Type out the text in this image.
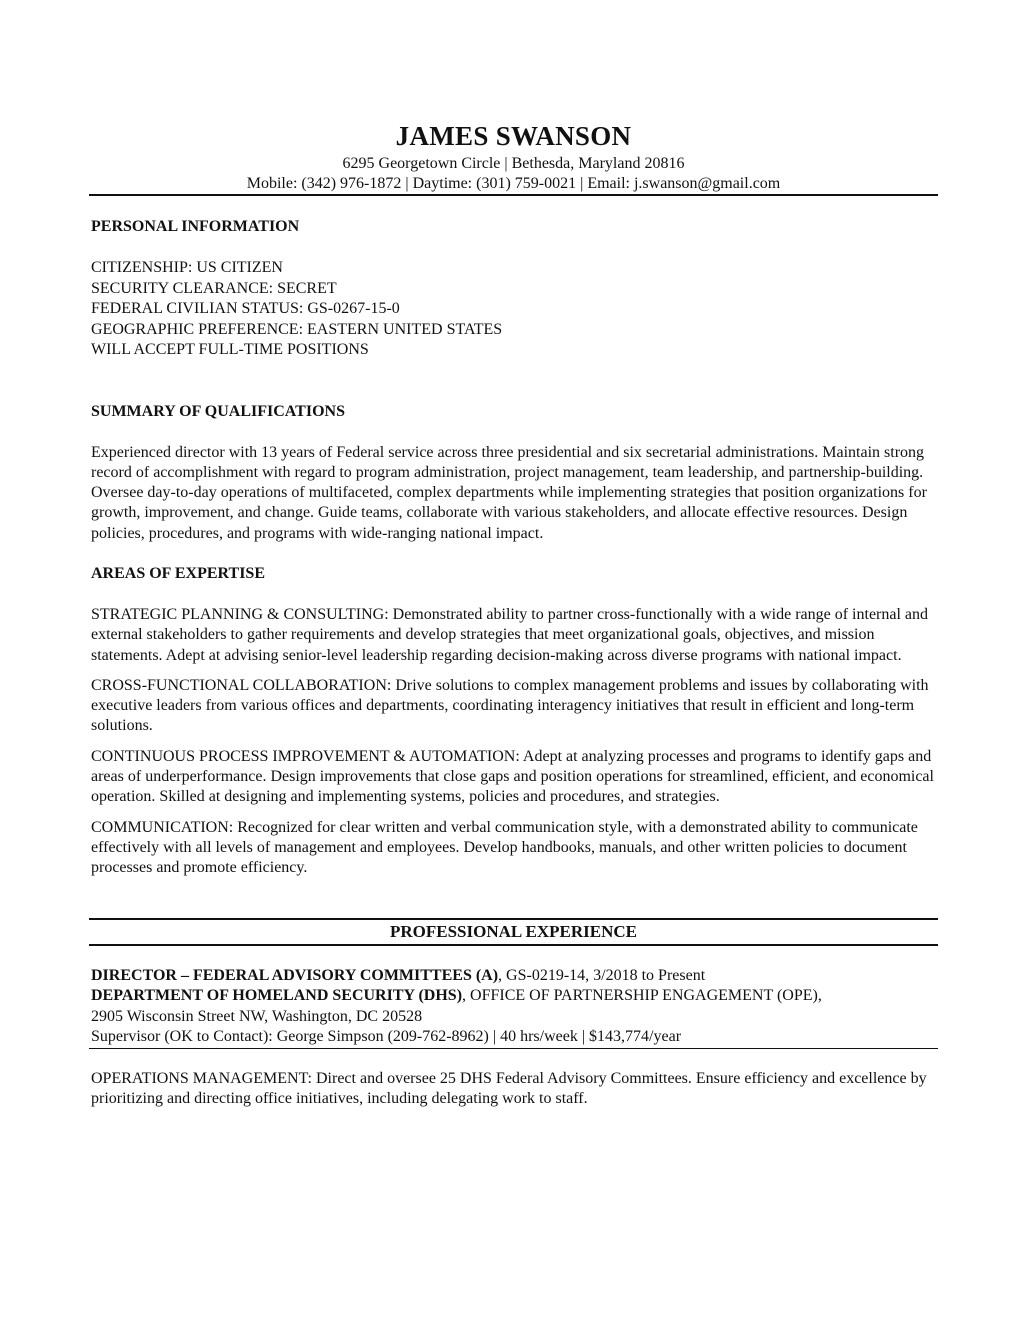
JAMES SWANSON
6295 Georgetown Circle | Bethesda, Maryland 20816
Mobile: (342) 976-1872 | Daytime: (301) 759-0021 | Email: j.swanson@gmail.com
PERSONAL INFORMATION
CITIZENSHIP: US CITIZEN
SECURITY CLEARANCE: SECRET
FEDERAL CIVILIAN STATUS: GS-0267-15-0
GEOGRAPHIC PREFERENCE: EASTERN UNITED STATES
WILL ACCEPT FULL-TIME POSITIONS
SUMMARY OF QUALIFICATIONS
Experienced director with 13 years of Federal service across three presidential and six secretarial administrations. Maintain strong record of accomplishment with regard to program administration, project management, team leadership, and partnership-building. Oversee day-to-day operations of multifaceted, complex departments while implementing strategies that position organizations for growth, improvement, and change. Guide teams, collaborate with various stakeholders, and allocate effective resources. Design policies, procedures, and programs with wide-ranging national impact.
AREAS OF EXPERTISE
STRATEGIC PLANNING & CONSULTING: Demonstrated ability to partner cross-functionally with a wide range of internal and external stakeholders to gather requirements and develop strategies that meet organizational goals, objectives, and mission statements. Adept at advising senior-level leadership regarding decision-making across diverse programs with national impact.
CROSS-FUNCTIONAL COLLABORATION: Drive solutions to complex management problems and issues by collaborating with executive leaders from various offices and departments, coordinating interagency initiatives that result in efficient and long-term solutions.
CONTINUOUS PROCESS IMPROVEMENT & AUTOMATION: Adept at analyzing processes and programs to identify gaps and areas of underperformance. Design improvements that close gaps and position operations for streamlined, efficient, and economical operation. Skilled at designing and implementing systems, policies and procedures, and strategies.
COMMUNICATION: Recognized for clear written and verbal communication style, with a demonstrated ability to communicate effectively with all levels of management and employees. Develop handbooks, manuals, and other written policies to document processes and promote efficiency.
PROFESSIONAL EXPERIENCE
DIRECTOR – FEDERAL ADVISORY COMMITTEES (A), GS-0219-14, 3/2018 to Present
DEPARTMENT OF HOMELAND SECURITY (DHS), OFFICE OF PARTNERSHIP ENGAGEMENT (OPE),
2905 Wisconsin Street NW, Washington, DC 20528
Supervisor (OK to Contact): George Simpson (209-762-8962) | 40 hrs/week | $143,774/year
OPERATIONS MANAGEMENT: Direct and oversee 25 DHS Federal Advisory Committees. Ensure efficiency and excellence by prioritizing and directing office initiatives, including delegating work to staff.
